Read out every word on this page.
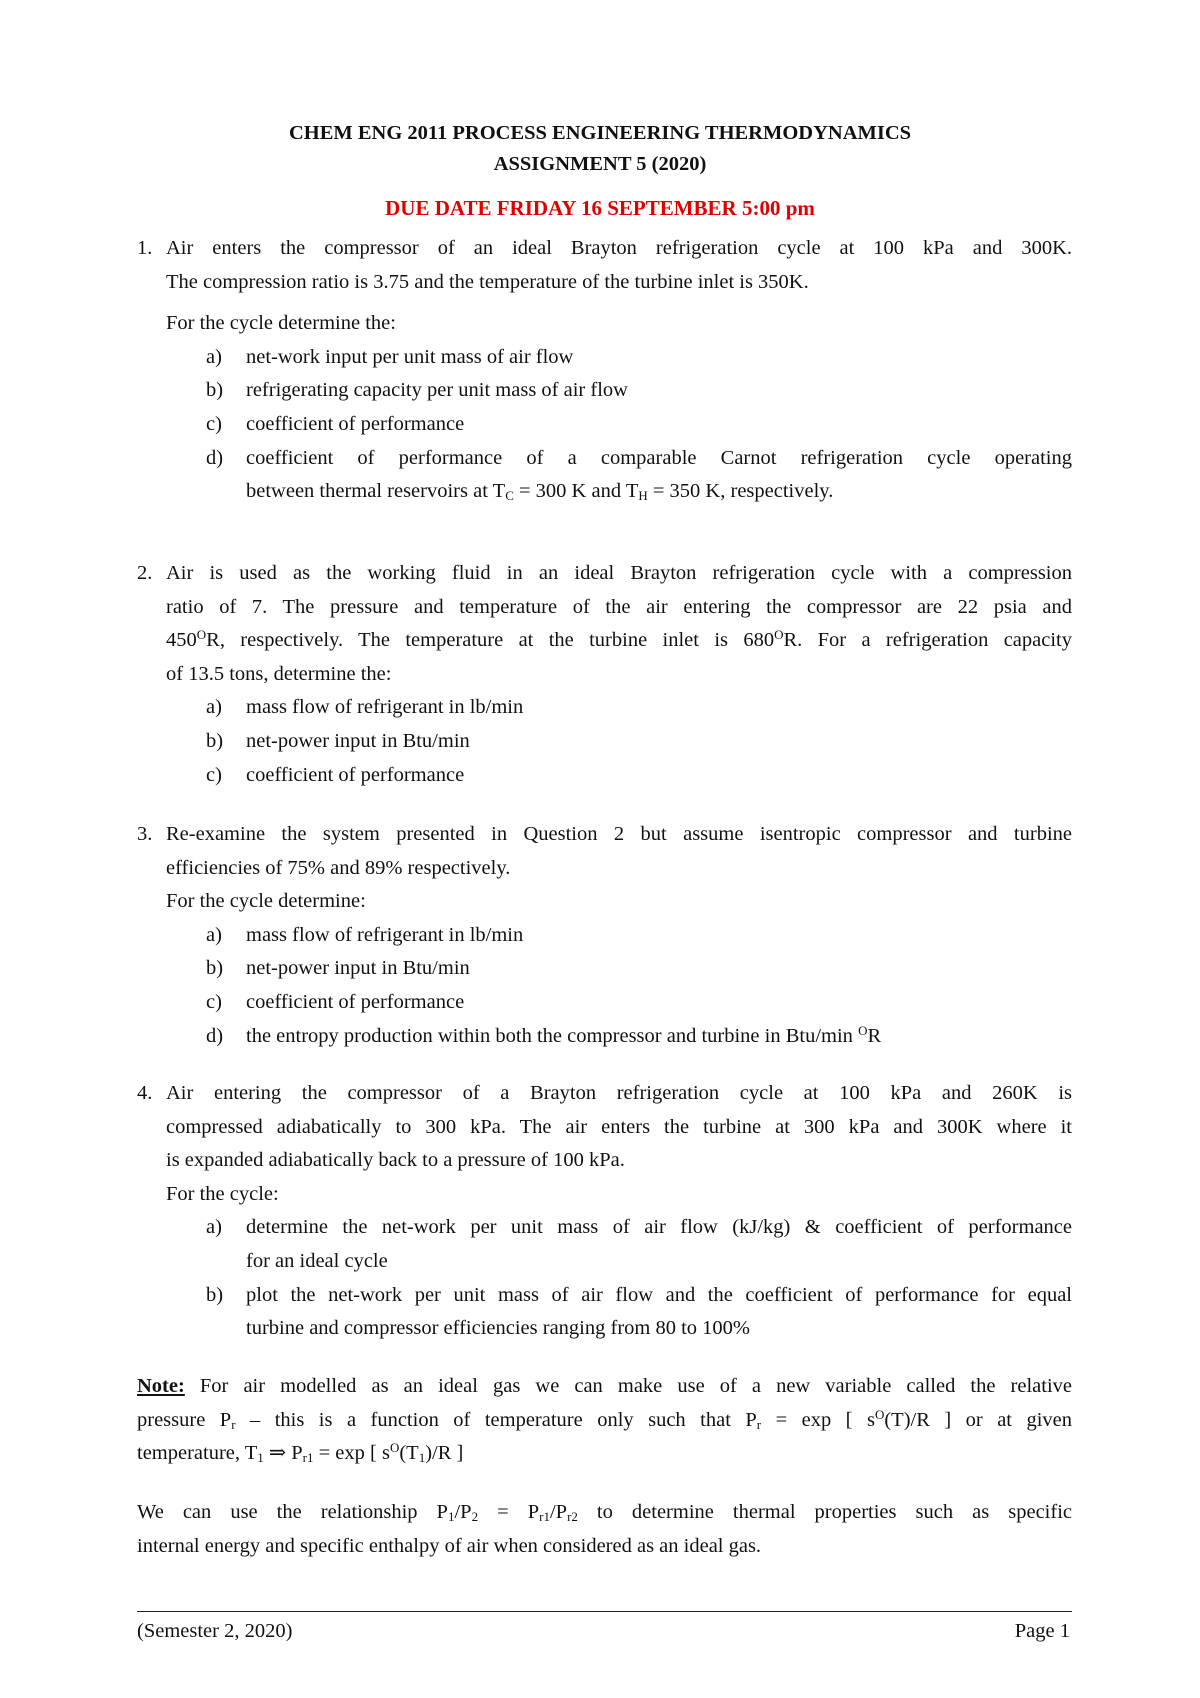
CHEM ENG 2011 PROCESS ENGINEERING THERMODYNAMICS
ASSIGNMENT 5 (2020)
DUE DATE FRIDAY 16 SEPTEMBER 5:00 pm
1. Air enters the compressor of an ideal Brayton refrigeration cycle at 100 kPa and 300K.
The compression ratio is 3.75 and the temperature of the turbine inlet is 350K.
For the cycle determine the:
a) net-work input per unit mass of air flow
b) refrigerating capacity per unit mass of air flow
c) coefficient of performance
d) coefficient of performance of a comparable Carnot refrigeration cycle operating
between thermal reservoirs at $T_C = 300$ K and $T_H = 350$ K, respectively.
2. Air is used as the working fluid in an ideal Brayton refrigeration cycle with a compression
ratio of 7. The pressure and temperature of the air entering the compressor are 22 psia and
$450^OR$, respectively. The temperature at the turbine inlet is $680^OR$. For a refrigeration capacity
of 13.5 tons, determine the:
a) mass flow of refrigerant in lb/min
b) net-power input in Btu/min
c) coefficient of performance
3. Re-examine the system presented in Question 2 but assume isentropic compressor and turbine
efficiencies of 75% and 89% respectively.
For the cycle determine:
a) mass flow of refrigerant in lb/min
b) net-power input in Btu/min
c) coefficient of performance
d) the entropy production within both the compressor and turbine in Btu/min $^O$R
4. Air entering the compressor of a Brayton refrigeration cycle at 100 kPa and 260K is
compressed adiabatically to 300 kPa. The air enters the turbine at 300 kPa and 300K where it
is expanded adiabatically back to a pressure of 100 kPa.
For the cycle:
a) determine the net-work per unit mass of air flow (kJ/kg) & coefficient of performance
for an ideal cycle
b) plot the net-work per unit mass of air flow and the coefficient of performance for equal
turbine and compressor efficiencies ranging from 80 to 100%
Note: For air modelled as an ideal gas we can make use of a new variable called the relative
pressure $P_r$ – this is a function of temperature only such that $P_r = \exp$ [ $s^O(T)/R$ ] or at given
temperature, $T_1$ ⇒ $P_{r1} = \exp$ [ $s^O(T_1)/R$ ]
We can use the relationship $P_1/P_2 = P_{r1}/P_{r2}$ to determine thermal properties such as specific
internal energy and specific enthalpy of air when considered as an ideal gas.
(Semester 2, 2020)	Page 1
